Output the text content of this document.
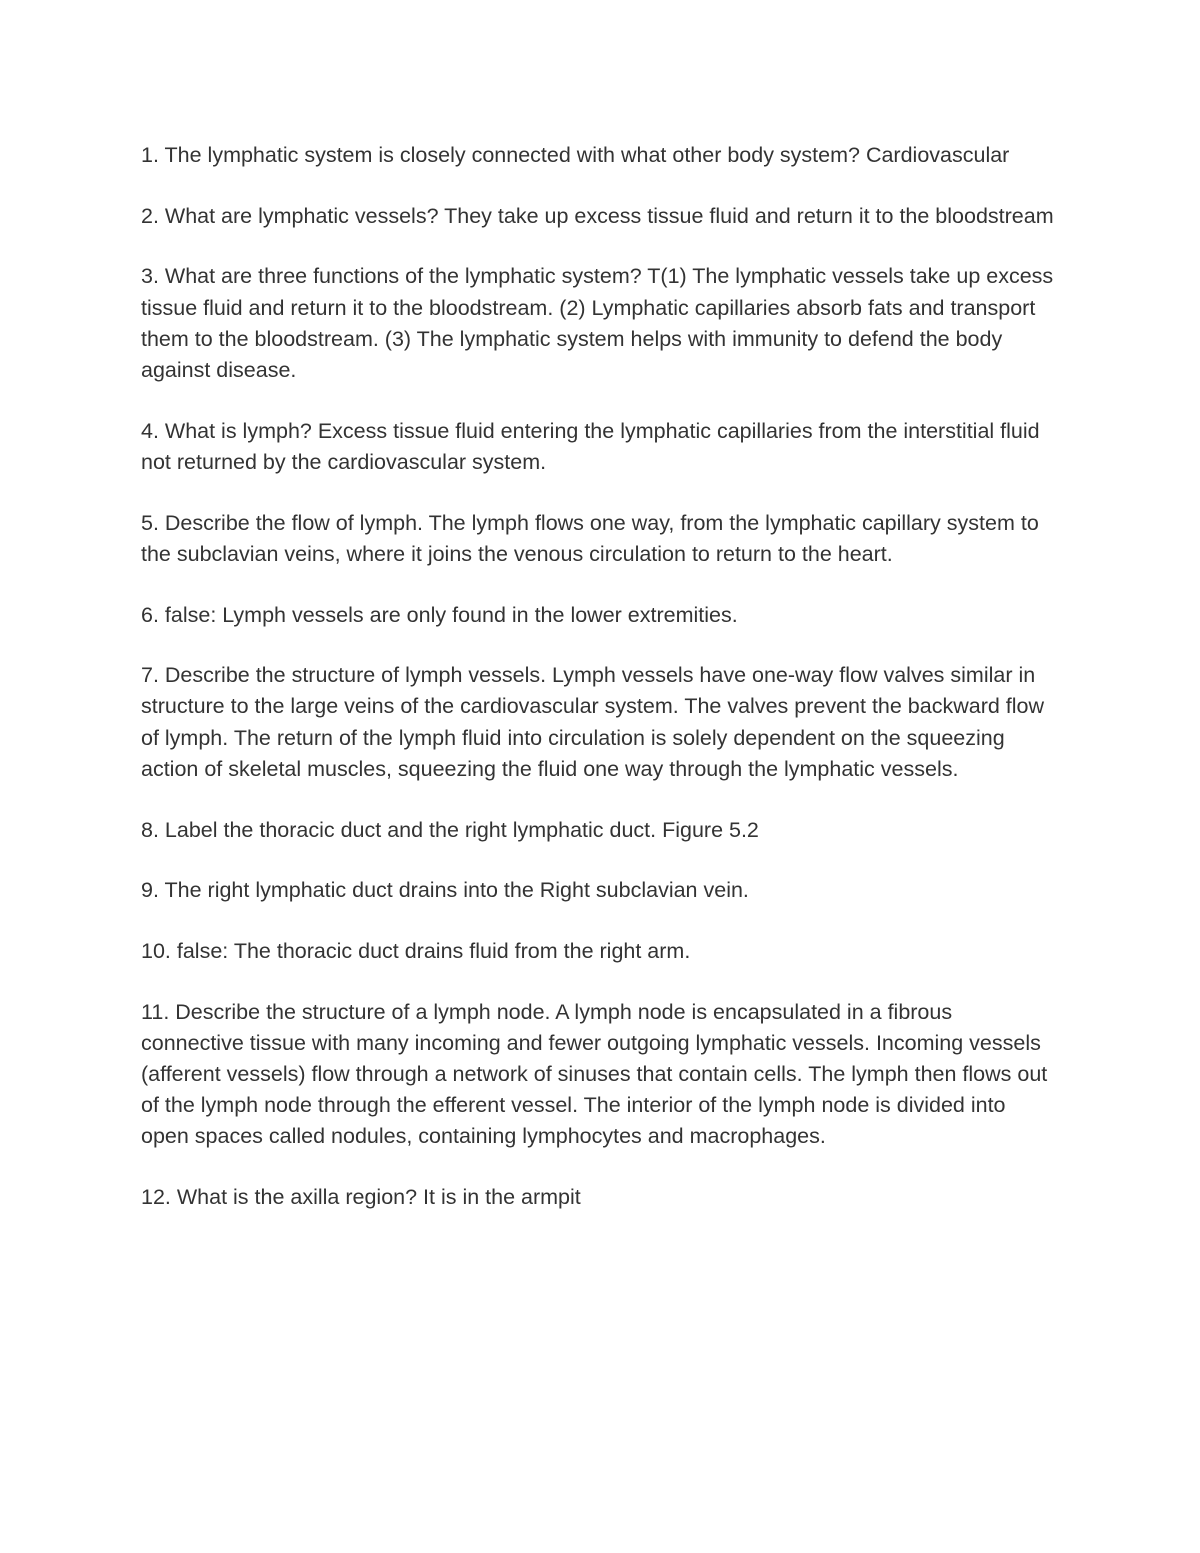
1. The lymphatic system is closely connected with what other body system? Cardiovascular

2. What are lymphatic vessels? They take up excess tissue fluid and return it to the bloodstream

3. What are three functions of the lymphatic system? T(1) The lymphatic vessels take up excess tissue fluid and return it to the bloodstream. (2) Lymphatic capillaries absorb fats and transport them to the bloodstream. (3) The lymphatic system helps with immunity to defend the body against disease.

4. What is lymph? Excess tissue fluid entering the lymphatic capillaries from the interstitial fluid not returned by the cardiovascular system.

5. Describe the flow of lymph. The lymph flows one way, from the lymphatic capillary system to the subclavian veins, where it joins the venous circulation to return to the heart.

6. false: Lymph vessels are only found in the lower extremities.

7. Describe the structure of lymph vessels. Lymph vessels have one-way flow valves similar in structure to the large veins of the cardiovascular system. The valves prevent the backward flow of lymph. The return of the lymph fluid into circulation is solely dependent on the squeezing action of skeletal muscles, squeezing the fluid one way through the lymphatic vessels.

8. Label the thoracic duct and the right lymphatic duct. Figure 5.2

9. The right lymphatic duct drains into the Right subclavian vein.

10. false: The thoracic duct drains fluid from the right arm.

11. Describe the structure of a lymph node. A lymph node is encapsulated in a fibrous connective tissue with many incoming and fewer outgoing lymphatic vessels. Incoming vessels (afferent vessels) flow through a network of sinuses that contain cells. The lymph then flows out of the lymph node through the efferent vessel. The interior of the lymph node is divided into open spaces called nodules, containing lymphocytes and macrophages.

12. What is the axilla region? It is in the armpit
